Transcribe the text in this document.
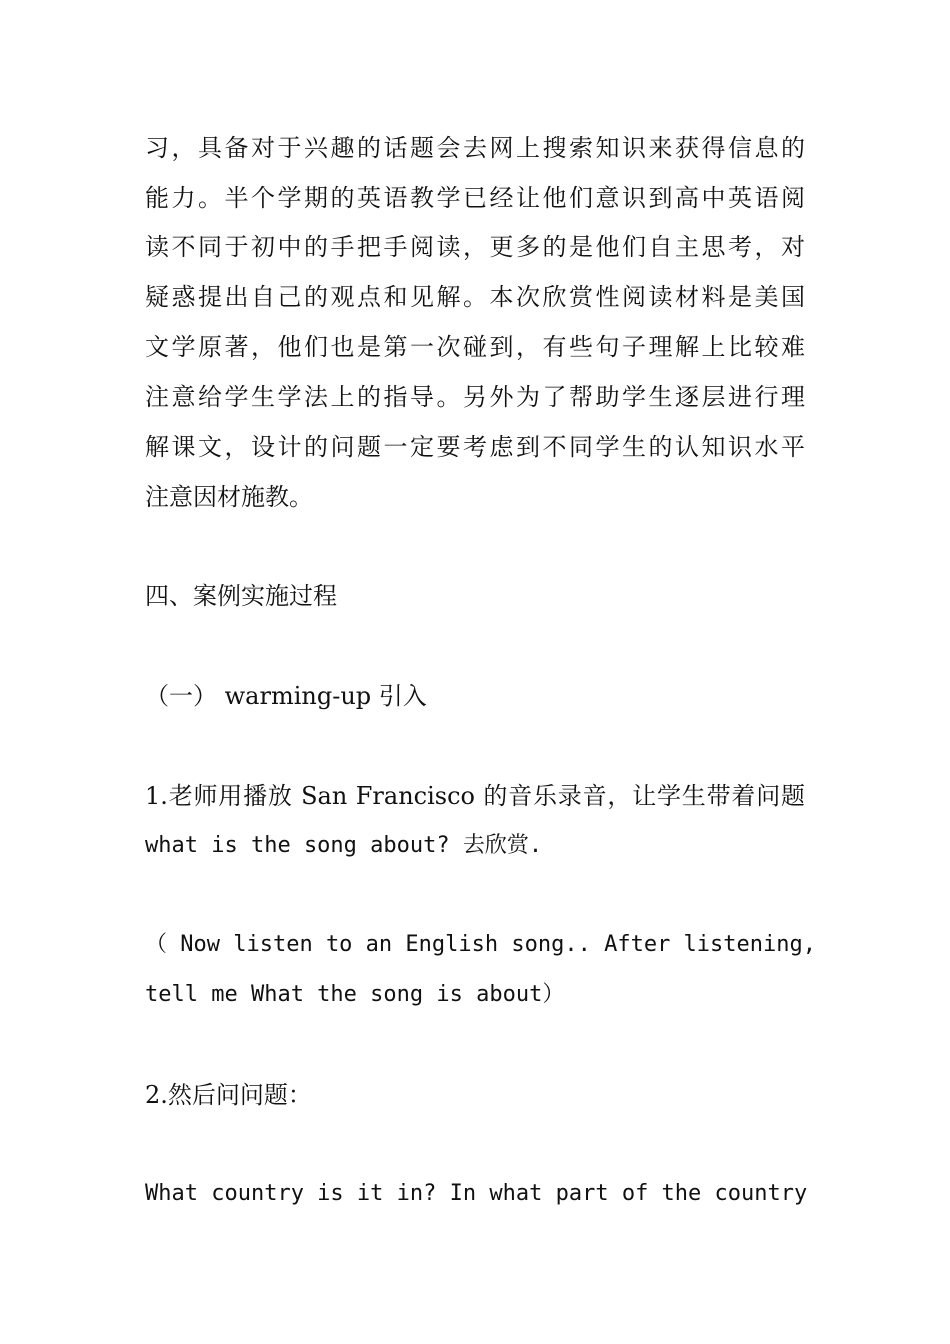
习，具备对于兴趣的话题会去网上搜索知识来获得信息的
能力。半个学期的英语教学已经让他们意识到高中英语阅
读不同于初中的手把手阅读，更多的是他们自主思考，对
疑惑提出自己的观点和见解。本次欣赏性阅读材料是美国
文学原著，他们也是第一次碰到，有些句子理解上比较难
注意给学生学法上的指导。另外为了帮助学生逐层进行理
解课文，设计的问题一定要考虑到不同学生的认知识水平
注意因材施教。
四、案例实施过程
（一） warming-up 引入
1.老师用播放 San Francisco 的音乐录音，让学生带着问题
what is the song about? 去欣赏.
（ Now listen to an English song.. After listening,
tell me What the song is about）
2.然后问问题：
What country is it in? In what part of the country
